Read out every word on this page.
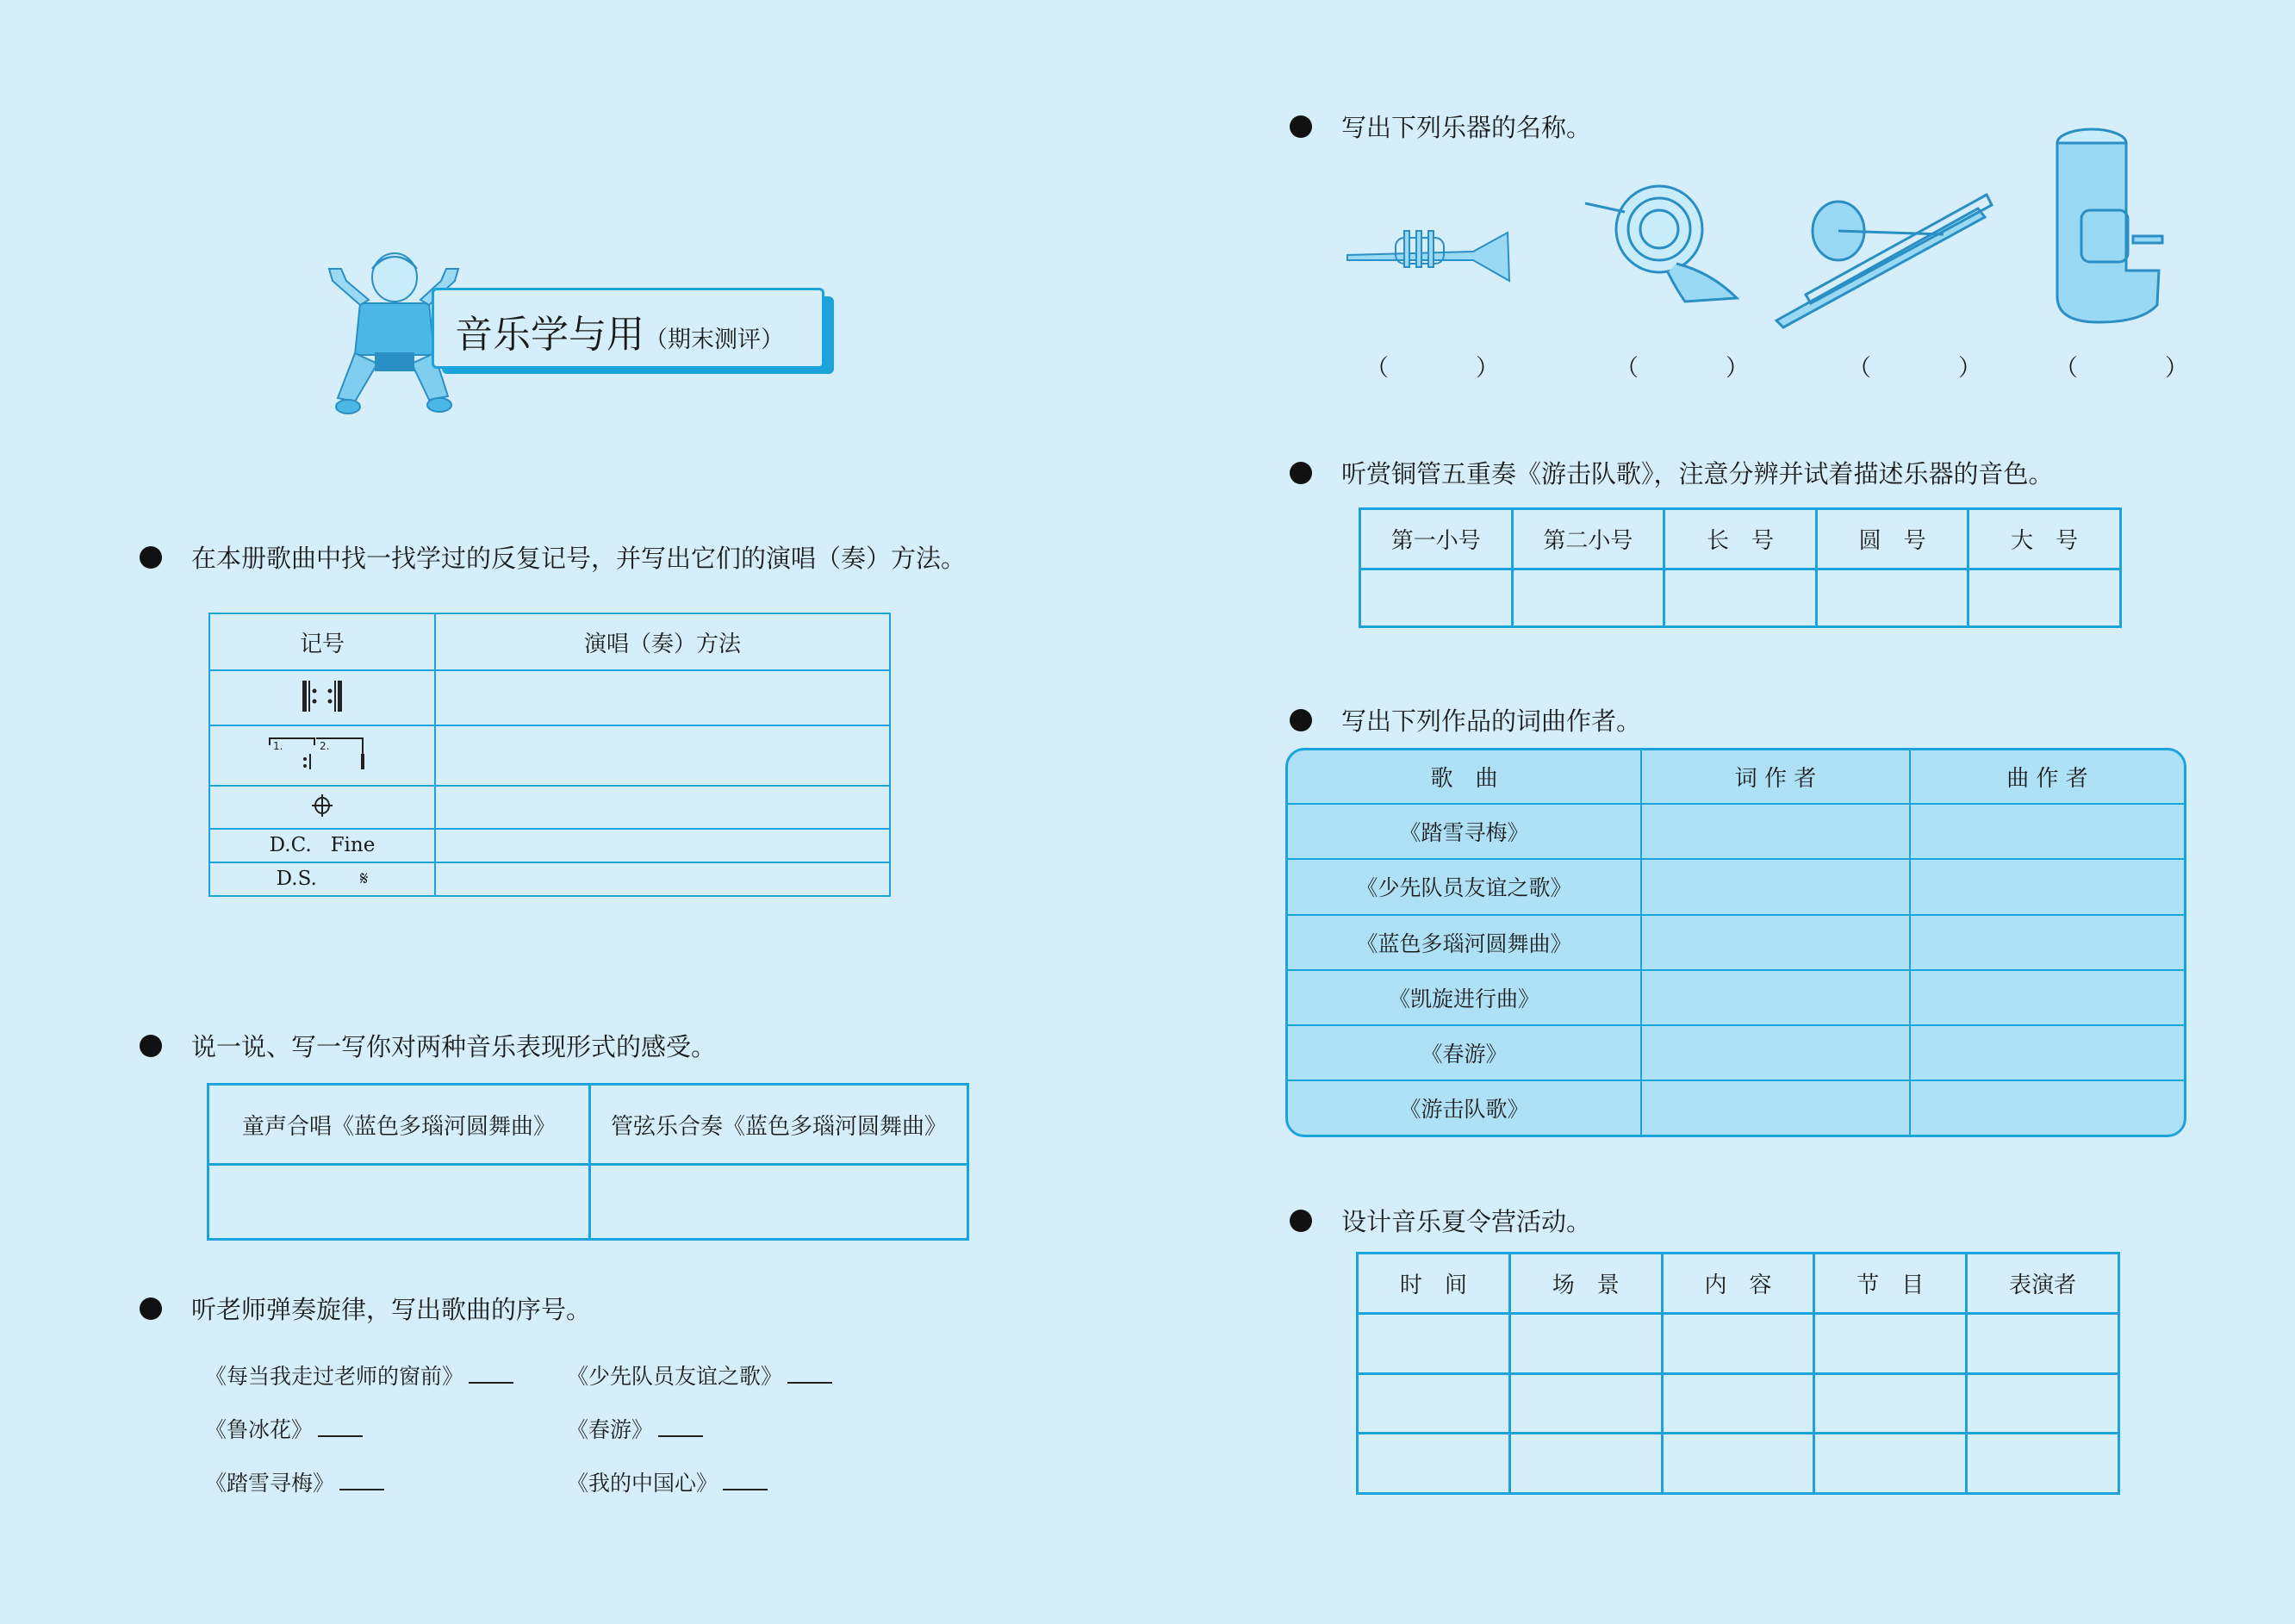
音乐学与用（期末测评）
在本册歌曲中找一找学过的反复记号，并写出它们的演唱（奏）方法。
记号	演唱（奏）方法

1. 2.	

D.C.   Fine	
D.S. 𝄋	
说一说、写一写你对两种音乐表现形式的感受。
童声合唱《蓝色多瑙河圆舞曲》	管弦乐合奏《蓝色多瑙河圆舞曲》

听老师弹奏旋律，写出歌曲的序号。
《每当我走过老师的窗前》	《少先队员友谊之歌》
《鲁冰花》	《春游》
《踏雪寻梅》	《我的中国心》
写出下列乐器的名称。
（	）	（	）	（	）	（	）
听赏铜管五重奏《游击队歌》，注意分辨并试着描述乐器的音色。
第一小号	第二小号	长　号	圆　号	大　号

写出下列作品的词曲作者。
歌　曲	词 作 者	曲 作 者
《踏雪寻梅》		
《少先队员友谊之歌》		
《蓝色多瑙河圆舞曲》		
《凯旋进行曲》		
《春游》		
《游击队歌》		
设计音乐夏令营活动。
时　间	场　景	内　容	节　目	表演者
